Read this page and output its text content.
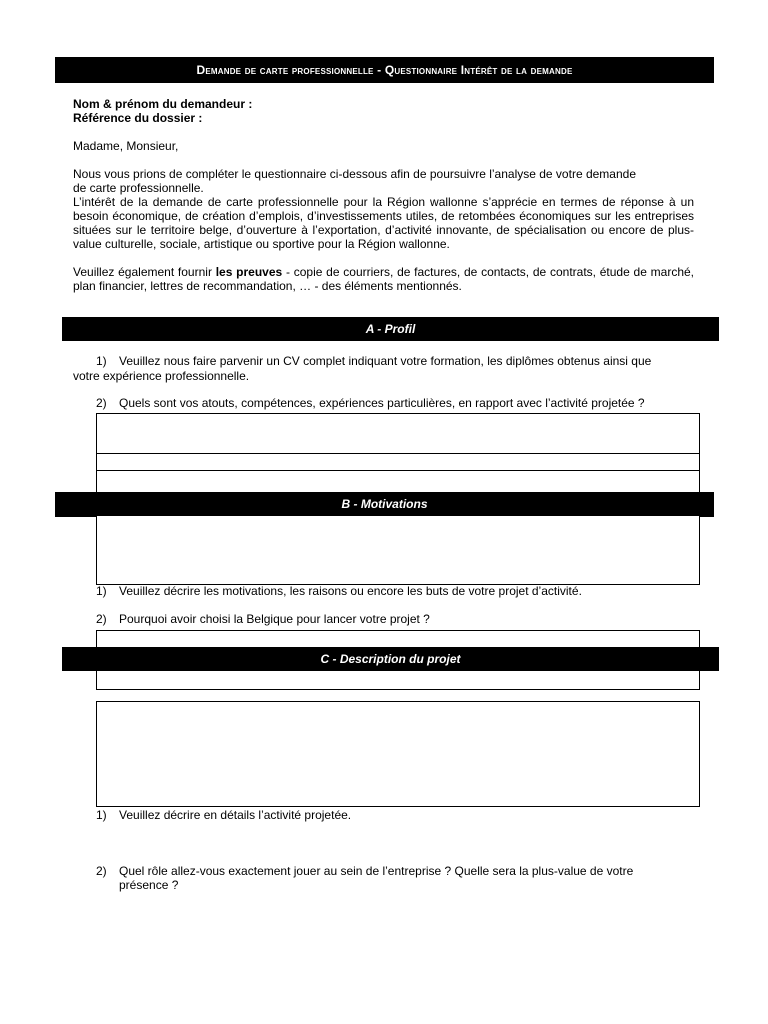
Demande de carte professionnelle - Questionnaire Intérêt de la demande
Nom & prénom du demandeur :
Référence du dossier :
Madame, Monsieur,
Nous vous prions de compléter le questionnaire ci-dessous afin de poursuivre l’analyse de votre demande
de carte professionnelle.
L’intérêt de la demande de carte professionnelle pour la Région wallonne s’apprécie en termes de réponse à un besoin économique, de création d’emplois, d’investissements utiles, de retombées économiques sur les entreprises situées sur le territoire belge, d’ouverture à l’exportation, d’activité innovante, de spécialisation ou encore de plus-value culturelle, sociale, artistique ou sportive pour la Région wallonne.
Veuillez également fournir les preuves - copie de courriers, de factures, de contacts, de contrats, étude de marché, plan financier, lettres de recommandation, … - des éléments mentionnés.
A - Profil
1) Veuillez nous faire parvenir un CV complet indiquant votre formation, les diplômes obtenus ainsi que
votre expérience professionnelle.
2) Quels sont vos atouts, compétences, expériences particulières, en rapport avec l’activité projetée ?
B - Motivations
1) Veuillez décrire les motivations, les raisons ou encore les buts de votre projet d’activité.
2) Pourquoi avoir choisi la Belgique pour lancer votre projet ?
C - Description du projet
1) Veuillez décrire en détails l’activité projetée.
2) Quel rôle allez-vous exactement jouer au sein de l’entreprise ? Quelle sera la plus-value de votre
présence ?
